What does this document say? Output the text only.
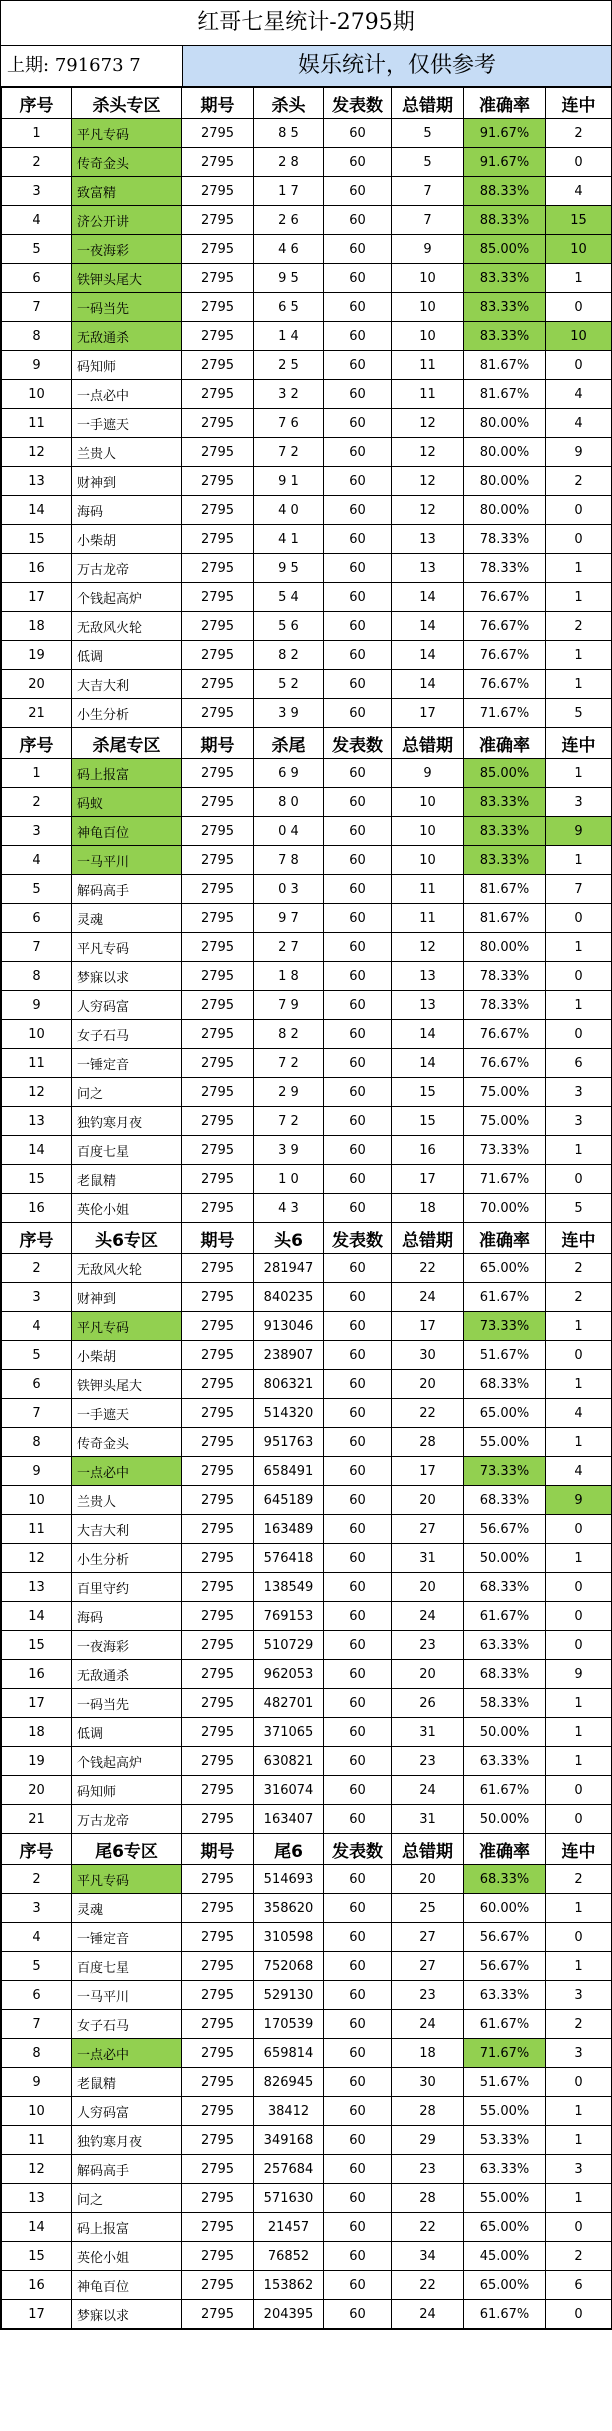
红哥七星统计-2795期
上期: 791673 7	娱乐统计，仅供参考
序号	杀头专区	期号	杀头	发表数	总错期	准确率	连中
1	平凡专码	2795	8 5	60	5	91.67%	2
2	传奇金头	2795	2 8	60	5	91.67%	0
3	致富精	2795	1 7	60	7	88.33%	4
4	济公开讲	2795	2 6	60	7	88.33%	15
5	一夜海彩	2795	4 6	60	9	85.00%	10
6	铁钾头尾大	2795	9 5	60	10	83.33%	1
7	一码当先	2795	6 5	60	10	83.33%	0
8	无敌通杀	2795	1 4	60	10	83.33%	10
9	码知师	2795	2 5	60	11	81.67%	0
10	一点必中	2795	3 2	60	11	81.67%	4
11	一手遮天	2795	7 6	60	12	80.00%	4
12	兰贵人	2795	7 2	60	12	80.00%	9
13	财神到	2795	9 1	60	12	80.00%	2
14	海码	2795	4 0	60	12	80.00%	0
15	小柴胡	2795	4 1	60	13	78.33%	0
16	万古龙帝	2795	9 5	60	13	78.33%	1
17	个钱起高炉	2795	5 4	60	14	76.67%	1
18	无敌风火轮	2795	5 6	60	14	76.67%	2
19	低调	2795	8 2	60	14	76.67%	1
20	大吉大利	2795	5 2	60	14	76.67%	1
21	小生分析	2795	3 9	60	17	71.67%	5
序号	杀尾专区	期号	杀尾	发表数	总错期	准确率	连中
1	码上报富	2795	6 9	60	9	85.00%	1
2	码蚁	2795	8 0	60	10	83.33%	3
3	神龟百位	2795	0 4	60	10	83.33%	9
4	一马平川	2795	7 8	60	10	83.33%	1
5	解码高手	2795	0 3	60	11	81.67%	7
6	灵魂	2795	9 7	60	11	81.67%	0
7	平凡专码	2795	2 7	60	12	80.00%	1
8	梦寐以求	2795	1 8	60	13	78.33%	0
9	人穷码富	2795	7 9	60	13	78.33%	1
10	女子石马	2795	8 2	60	14	76.67%	0
11	一锤定音	2795	7 2	60	14	76.67%	6
12	问之	2795	2 9	60	15	75.00%	3
13	独钓寒月夜	2795	7 2	60	15	75.00%	3
14	百度七星	2795	3 9	60	16	73.33%	1
15	老鼠精	2795	1 0	60	17	71.67%	0
16	英伦小姐	2795	4 3	60	18	70.00%	5
序号	头6专区	期号	头6	发表数	总错期	准确率	连中
2	无敌风火轮	2795	281947	60	22	65.00%	2
3	财神到	2795	840235	60	24	61.67%	2
4	平凡专码	2795	913046	60	17	73.33%	1
5	小柴胡	2795	238907	60	30	51.67%	0
6	铁钾头尾大	2795	806321	60	20	68.33%	1
7	一手遮天	2795	514320	60	22	65.00%	4
8	传奇金头	2795	951763	60	28	55.00%	1
9	一点必中	2795	658491	60	17	73.33%	4
10	兰贵人	2795	645189	60	20	68.33%	9
11	大吉大利	2795	163489	60	27	56.67%	0
12	小生分析	2795	576418	60	31	50.00%	1
13	百里守约	2795	138549	60	20	68.33%	0
14	海码	2795	769153	60	24	61.67%	0
15	一夜海彩	2795	510729	60	23	63.33%	0
16	无敌通杀	2795	962053	60	20	68.33%	9
17	一码当先	2795	482701	60	26	58.33%	1
18	低调	2795	371065	60	31	50.00%	1
19	个钱起高炉	2795	630821	60	23	63.33%	1
20	码知师	2795	316074	60	24	61.67%	0
21	万古龙帝	2795	163407	60	31	50.00%	0
序号	尾6专区	期号	尾6	发表数	总错期	准确率	连中
2	平凡专码	2795	514693	60	20	68.33%	2
3	灵魂	2795	358620	60	25	60.00%	1
4	一锤定音	2795	310598	60	27	56.67%	0
5	百度七星	2795	752068	60	27	56.67%	1
6	一马平川	2795	529130	60	23	63.33%	3
7	女子石马	2795	170539	60	24	61.67%	2
8	一点必中	2795	659814	60	18	71.67%	3
9	老鼠精	2795	826945	60	30	51.67%	0
10	人穷码富	2795	38412	60	28	55.00%	1
11	独钓寒月夜	2795	349168	60	29	53.33%	1
12	解码高手	2795	257684	60	23	63.33%	3
13	问之	2795	571630	60	28	55.00%	1
14	码上报富	2795	21457	60	22	65.00%	0
15	英伦小姐	2795	76852	60	34	45.00%	2
16	神龟百位	2795	153862	60	22	65.00%	6
17	梦寐以求	2795	204395	60	24	61.67%	0
